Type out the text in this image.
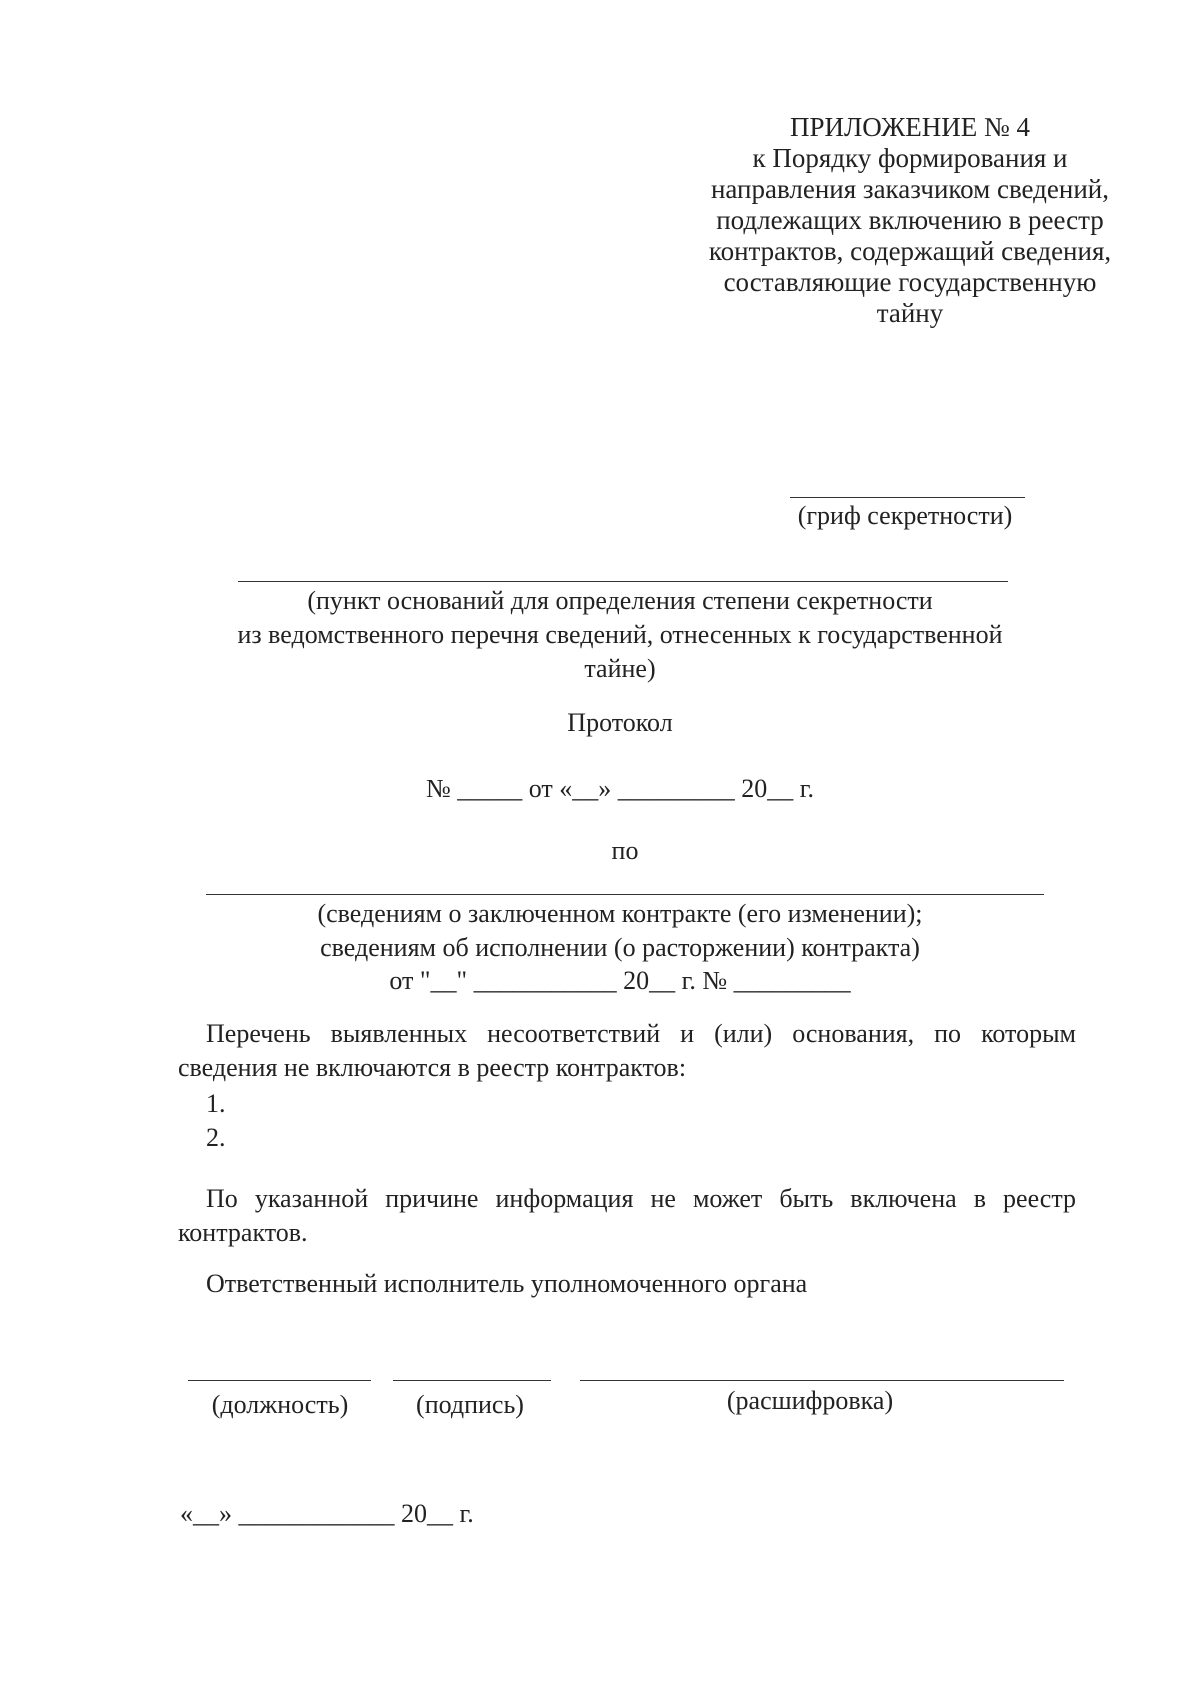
ПРИЛОЖЕНИЕ № 4
к Порядку формирования и
направления заказчиком сведений,
подлежащих включению в реестр
контрактов, содержащий сведения,
составляющие государственную
тайну
(гриф секретности)
(пункт оснований для определения степени секретности
из ведомственного перечня сведений, отнесенных к государственной
тайне)
Протокол
№ _____ от «__» _________ 20__ г.
по
(сведениям о заключенном контракте (его изменении);
сведениям об исполнении (о расторжении) контракта)
от "__" ___________ 20__ г. № _________
Перечень выявленных несоответствий и (или) основания, по которым
сведения не включаются в реестр контрактов:
1.
2.
По указанной причине информация не может быть включена в реестр
контрактов.
Ответственный исполнитель уполномоченного органа
(должность)	(подпись)	(расшифровка)
«__» ____________ 20__ г.
